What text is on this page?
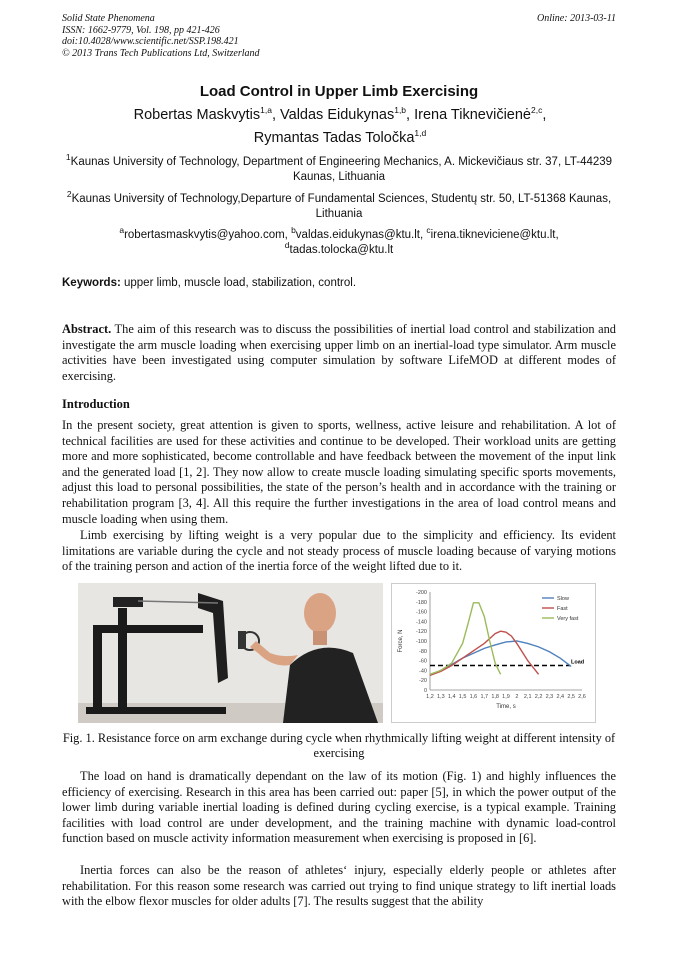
Solid State Phenomena
ISSN: 1662-9779, Vol. 198, pp 421-426
doi:10.4028/www.scientific.net/SSP.198.421
© 2013 Trans Tech Publications Ltd, Switzerland
Online: 2013-03-11
Load Control in Upper Limb Exercising
Robertas Maskvytis$^{1,a}$, Valdas Eidukynas$^{1,b}$, Irena Tiknevičienė$^{2,c}$,
Rymantas Tadas Toločka$^{1,d}$
$^1$Kaunas University of Technology, Department of Engineering Mechanics, A. Mickevičiaus str. 37, LT-44239 Kaunas, Lithuania
$^2$Kaunas University of Technology,Departure of Fundamental Sciences, Studentų str. 50, LT-51368 Kaunas, Lithuania
$^a$robertasmaskvytis@yahoo.com, $^b$valdas.eidukynas@ktu.lt, $^c$irena.tikneviciene@ktu.lt,
$^d$tadas.tolocka@ktu.lt
Keywords: upper limb, muscle load, stabilization, control.
Abstract. The aim of this research was to discuss the possibilities of inertial load control and stabilization and investigate the arm muscle loading when exercising upper limb on an inertial-load type simulator. Arm muscle activities have been investigated using computer simulation by software LifeMOD at different modes of exercising.
Introduction
In the present society, great attention is given to sports, wellness, active leisure and rehabilitation. A lot of technical facilities are used for these activities and continue to be developed. Their workload units are getting more and more sophisticated, become controllable and have feedback between the movement of the input link and the generated load [1, 2]. They now allow to create muscle loading simulating specific sports movements, adjust this load to personal possibilities, the state of the person’s health and in accordance with the training or rehabilitation program [3, 4]. All this require the further investigations in the area of load control means and muscle loading when using them.
Limb exercising by lifting weight is a very popular due to the simplicity and efficiency. Its evident limitations are variable during the cycle and not steady process of muscle loading because of varying motions of the training person and action of the inertia force of the weight lifted due to it.
-200
-180
-160
-140
-120
-100
-80
-60
-40
-20
0
1,2 1,3 1,4 1,5 1,6 1,7 1,8 1,9 2 2,1 2,2 2,3 2,4 2,5 2,6
Time, s
Force, N
Load
Slow
Fast
Very fast
Fig. 1. Resistance force on arm exchange during cycle when rhythmically lifting weight at different intensity of exercising
The load on hand is dramatically dependant on the law of its motion (Fig. 1) and highly influences the efficiency of exercising. Research in this area has been carried out: paper [5], in which the power output of the lower limb during variable inertial loading is defined during cycling exercise, is a typical example. Training facilities with load control are under development, and the training machine with dynamic load-control function based on muscle activity information measurement when exercising is proposed in [6].
Inertia forces can also be the reason of athletes‘ injury, especially elderly people or athletes after rehabilitation. For this reason some research was carried out trying to find unique strategy to lift inertial loads with the elbow flexor muscles for older adults [7]. The results suggest that the ability
